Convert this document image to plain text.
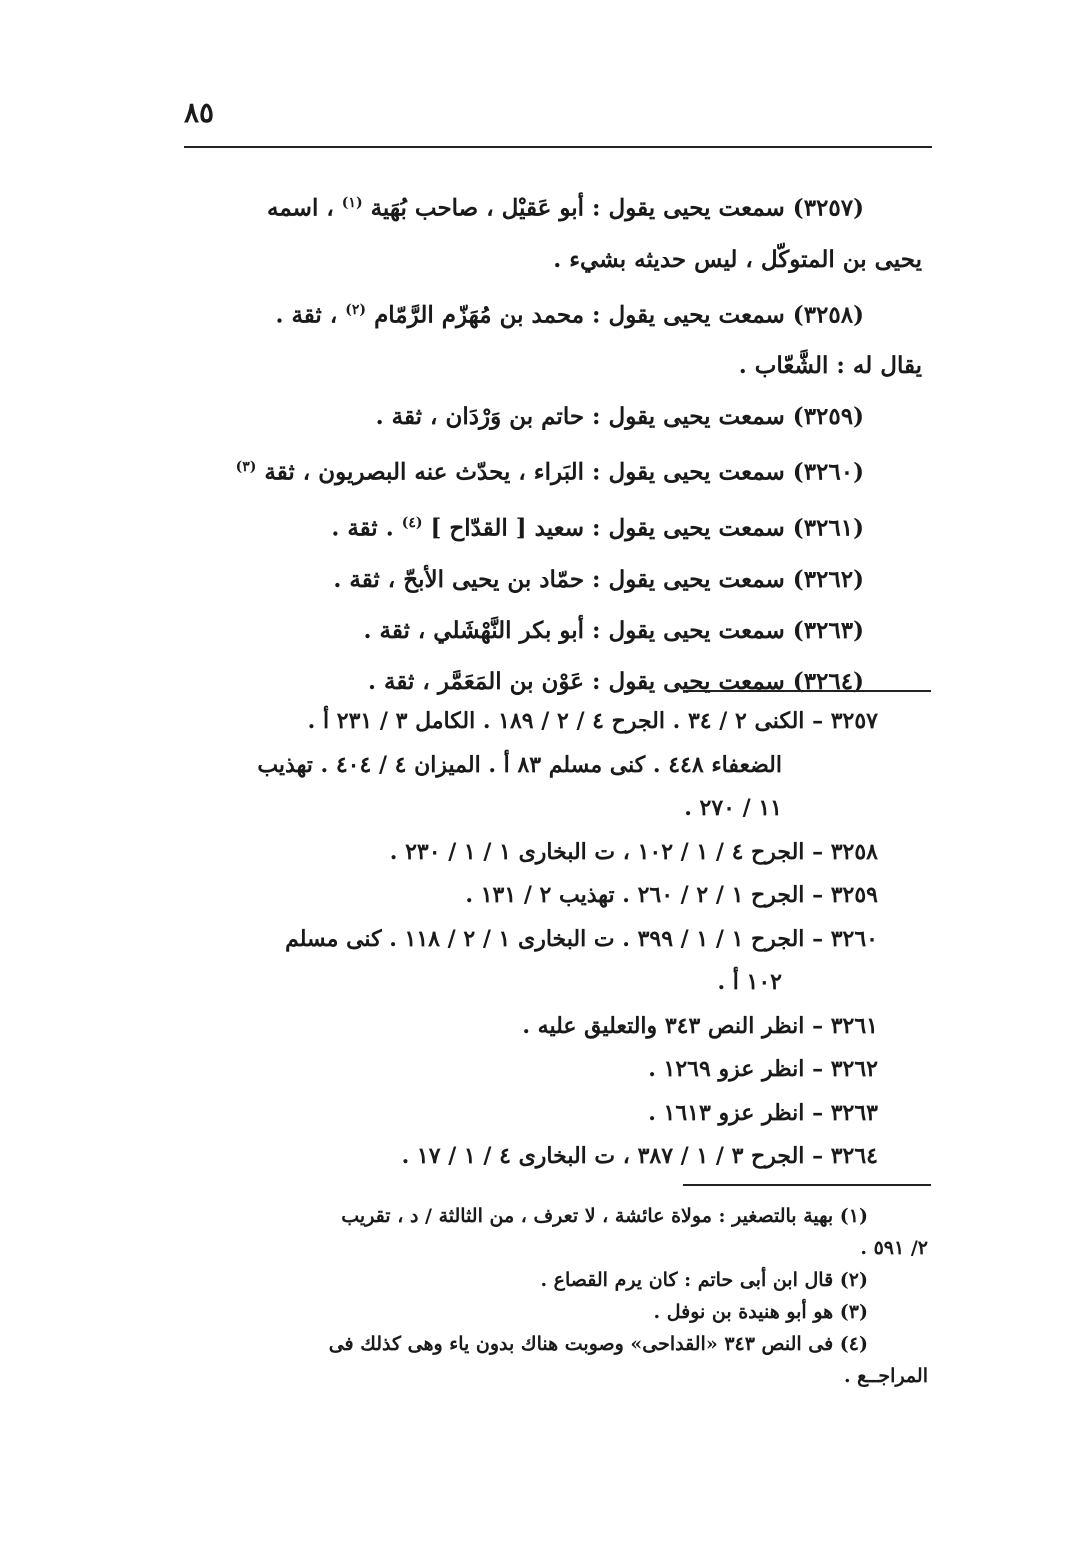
٨٥

(٣٢٥٧) سمعت يحيى يقول : أبو عَقيْل ، صاحب بُهَية $^{(١)}$ ، اسمه

يحيى بن المتوكّل ، ليس حديثه بشيء .

(٣٢٥٨) سمعت يحيى يقول : محمد بن مُهَزّم الرَّمّام $^{(٢)}$ ، ثقة .

يقال له : الشَّعّاب .

(٣٢٥٩) سمعت يحيى يقول : حاتم بن وَرْدَان ، ثقة .

(٣٢٦٠) سمعت يحيى يقول : البَراء ، يحدّث عنه البصريون ، ثقة $^{(٣)}$

(٣٢٦١) سمعت يحيى يقول : سعيد [ القدّاح ] $^{(٤)}$ . ثقة .

(٣٢٦٢) سمعت يحيى يقول : حمّاد بن يحيى الأبحّ ، ثقة .

(٣٢٦٣) سمعت يحيى يقول : أبو بكر النَّهْشَلي ، ثقة .

(٣٢٦٤) سمعت يحيى يقول : عَوْن بن المَعَمَّر ، ثقة .

٣٢٥٧ – الكنى ٢ / ٣٤ . الجرح ٤ / ٢ / ١٨٩ . الكامل ٣ / ٢٣١ أ .

الضعفاء ٤٤٨ . كنى مسلم ٨٣ أ . الميزان ٤ / ٤٠٤ . تهذيب

١١ / ٢٧٠ .

٣٢٥٨ – الجرح ٤ / ١ / ١٠٢ ، ت البخارى ١ / ١ / ٢٣٠ .

٣٢٥٩ – الجرح ١ / ٢ / ٢٦٠ . تهذيب ٢ / ١٣١ .

٣٢٦٠ – الجرح ١ / ١ / ٣٩٩ . ت البخارى ١ / ٢ / ١١٨ . كنى مسلم

١٠٢ أ .

٣٢٦١ – انظر النص ٣٤٣ والتعليق عليه .

٣٢٦٢ – انظر عزو ١٢٦٩ .

٣٢٦٣ – انظر عزو ١٦١٣ .

٣٢٦٤ – الجرح ٣ / ١ / ٣٨٧ ، ت البخارى ٤ / ١ / ١٧ .

(١) بهية بالتصغير : مولاة عائشة ، لا تعرف ، من الثالثة / د ، تقريب

٢/ ٥٩١ .

(٢) قال ابن أبى حاتم : كان يرم القصاع .

(٣) هو أبو هنيدة بن نوفل .

(٤) فى النص ٣٤٣ «القداحى» وصوبت هناك بدون ياء وهى كذلك فى

المراجــع .
